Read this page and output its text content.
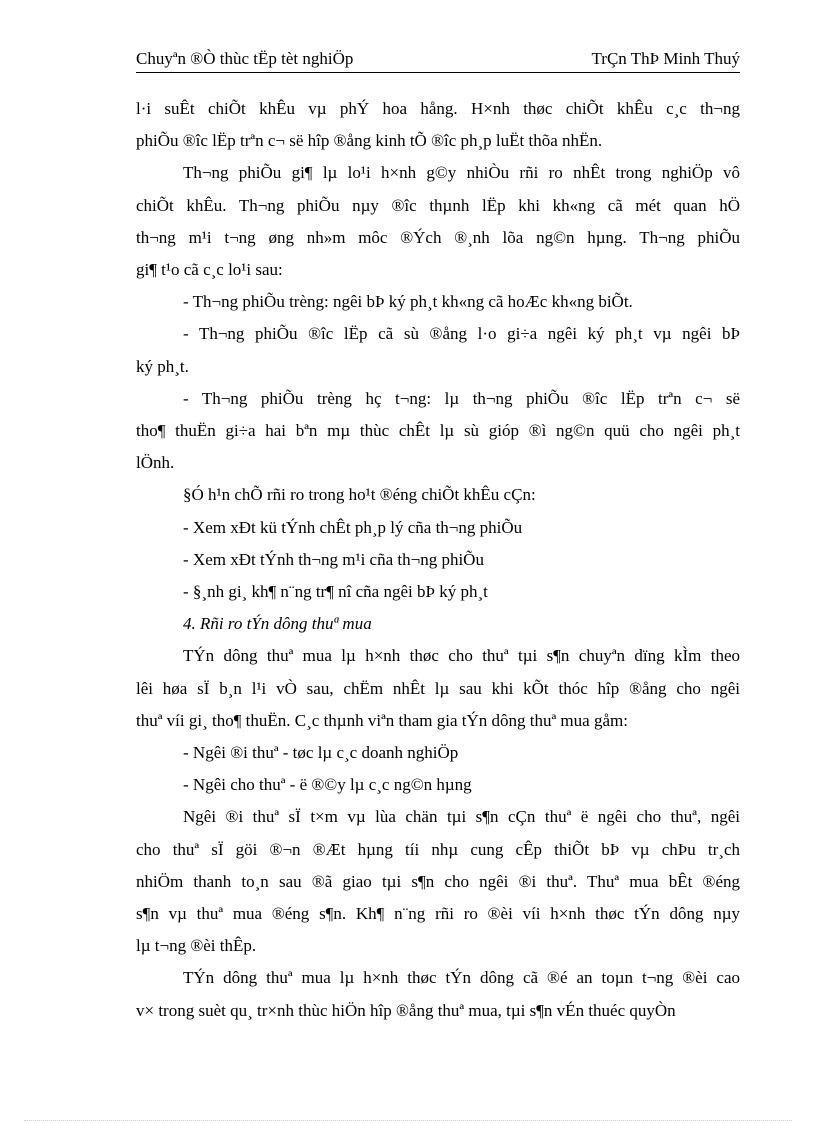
Chuyªn ®Ò thùc tËp tèt nghiÖp	TrÇn ThÞ Minh Thuý
l·i suÊt chiÕt khÊu vµ phÝ hoa hång. H×nh thøc chiÕt khÊu c¸c th¬ng
phiÕu ®îc lËp trªn c¬ së hîp ®ång kinh tÕ ®îc ph¸p luËt thõa nhËn.
Th¬ng phiÕu gi¶ lµ lo¹i h×nh g©y nhiÒu rñi ro nhÊt trong nghiÖp vô
chiÕt khÊu. Th¬ng phiÕu nµy ®îc thµnh lËp khi kh«ng cã mét quan hÖ
th¬ng m¹i t¬ng øng nh»m môc ®Ých ®¸nh lõa ng©n hµng. Th¬ng phiÕu
gi¶ t¹o cã c¸c lo¹i sau:
- Th¬ng phiÕu trèng: ngêi bÞ ký ph¸t kh«ng cã hoÆc kh«ng biÕt.
- Th¬ng phiÕu ®îc lËp cã sù ®ång l·o gi÷a ngêi ký ph¸t vµ ngêi bÞ
ký ph¸t.
- Th¬ng phiÕu trèng hç t¬ng: lµ th¬ng phiÕu ®îc lËp trªn c¬ së
tho¶ thuËn gi÷a hai bªn mµ thùc chÊt lµ sù gióp ®ì ng©n quü cho ngêi ph¸t
lÖnh.
§Ó h¹n chÕ rñi ro trong ho¹t ®éng chiÕt khÊu cÇn:
- Xem xÐt kü tÝnh chÊt ph¸p lý cña th¬ng phiÕu
- Xem xÐt tÝnh th¬ng m¹i cña th¬ng phiÕu
- §¸nh gi¸ kh¶ n¨ng tr¶ nî cña ngêi bÞ ký ph¸t
4. Rñi ro tÝn dông thuª mua
TÝn dông thuª mua lµ h×nh thøc cho thuª tµi s¶n chuyªn dïng kÌm theo
lêi høa sÏ b¸n l¹i vÒ sau, chËm nhÊt lµ sau khi kÕt thóc hîp ®ång cho ngêi
thuª víi gi¸ tho¶ thuËn. C¸c thµnh viªn tham gia tÝn dông thuª mua gåm:
- Ngêi ®i thuª - tøc lµ c¸c doanh nghiÖp
- Ngêi cho thuª - ë ®©y lµ c¸c ng©n hµng
Ngêi ®i thuª sÏ t×m vµ lùa chän tµi s¶n cÇn thuª ë ngêi cho thuª, ngêi
cho thuª sÏ göi ®¬n ®Æt hµng tíi nhµ cung cÊp thiÕt bÞ vµ chÞu tr¸ch
nhiÖm thanh to¸n sau ®ã giao tµi s¶n cho ngêi ®i thuª. Thuª mua bÊt ®éng
s¶n vµ thuª mua ®éng s¶n. Kh¶ n¨ng rñi ro ®èi víi h×nh thøc tÝn dông nµy
lµ t¬ng ®èi thÊp.
TÝn dông thuª mua lµ h×nh thøc tÝn dông cã ®é an toµn t¬ng ®èi cao
v× trong suèt qu¸ tr×nh thùc hiÖn hîp ®ång thuª mua, tµi s¶n vÉn thuéc quyÒn
